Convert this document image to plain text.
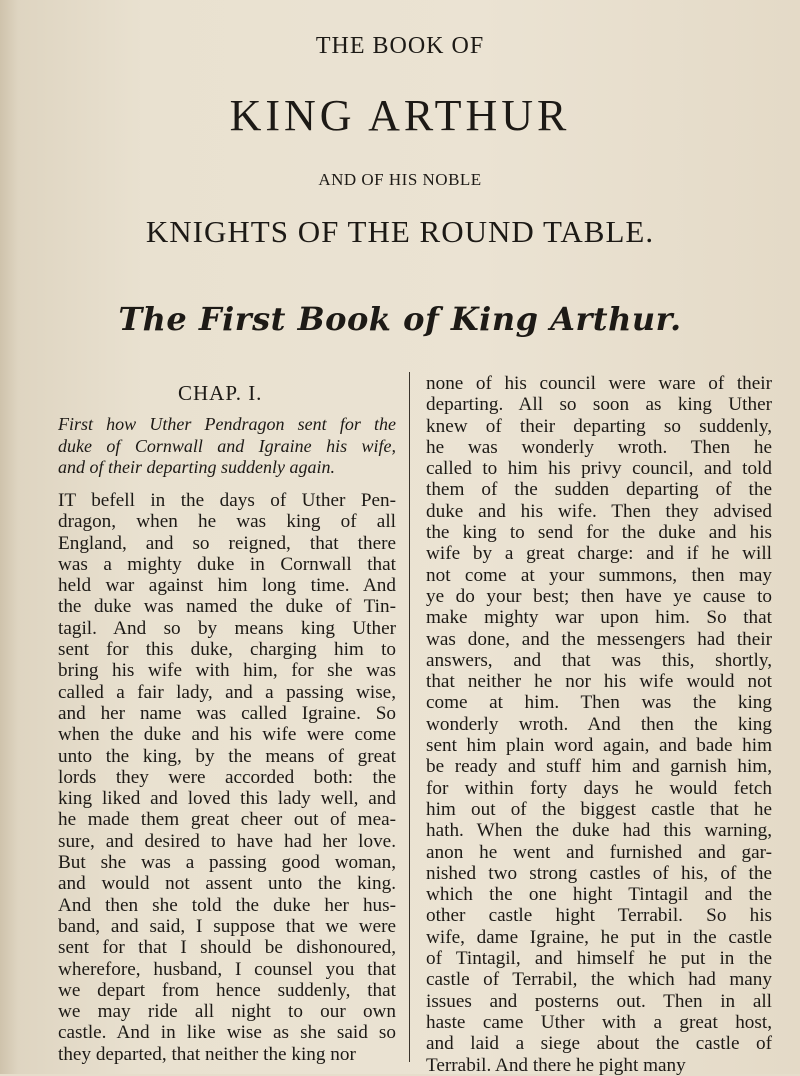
THE BOOK OF
KING ARTHUR
AND OF HIS NOBLE
KNIGHTS OF THE ROUND TABLE.
The First Book of King Arthur.
CHAP. I.
First how Uther Pendragon sent for the
duke of Cornwall and Igraine his wife,
and of their departing suddenly again.
IT befell in the days of Uther Pen-
dragon, when he was king of all
England, and so reigned, that there
was a mighty duke in Cornwall that
held war against him long time. And
the duke was named the duke of Tin-
tagil. And so by means king Uther
sent for this duke, charging him to
bring his wife with him, for she was
called a fair lady, and a passing wise,
and her name was called Igraine. So
when the duke and his wife were come
unto the king, by the means of great
lords they were accorded both: the
king liked and loved this lady well, and
he made them great cheer out of mea-
sure, and desired to have had her love.
But she was a passing good woman,
and would not assent unto the king.
And then she told the duke her hus-
band, and said, I suppose that we were
sent for that I should be dishonoured,
wherefore, husband, I counsel you that
we depart from hence suddenly, that
we may ride all night to our own
castle. And in like wise as she said so
they departed, that neither the king nor
none of his council were ware of their
departing. All so soon as king Uther
knew of their departing so suddenly,
he was wonderly wroth. Then he
called to him his privy council, and told
them of the sudden departing of the
duke and his wife. Then they advised
the king to send for the duke and his
wife by a great charge: and if he will
not come at your summons, then may
ye do your best; then have ye cause to
make mighty war upon him. So that
was done, and the messengers had their
answers, and that was this, shortly,
that neither he nor his wife would not
come at him. Then was the king
wonderly wroth. And then the king
sent him plain word again, and bade him
be ready and stuff him and garnish him,
for within forty days he would fetch
him out of the biggest castle that he
hath. When the duke had this warning,
anon he went and furnished and gar-
nished two strong castles of his, of the
which the one hight Tintagil and the
other castle hight Terrabil. So his
wife, dame Igraine, he put in the castle
of Tintagil, and himself he put in the
castle of Terrabil, the which had many
issues and posterns out. Then in all
haste came Uther with a great host,
and laid a siege about the castle of
Terrabil. And there he pight many
